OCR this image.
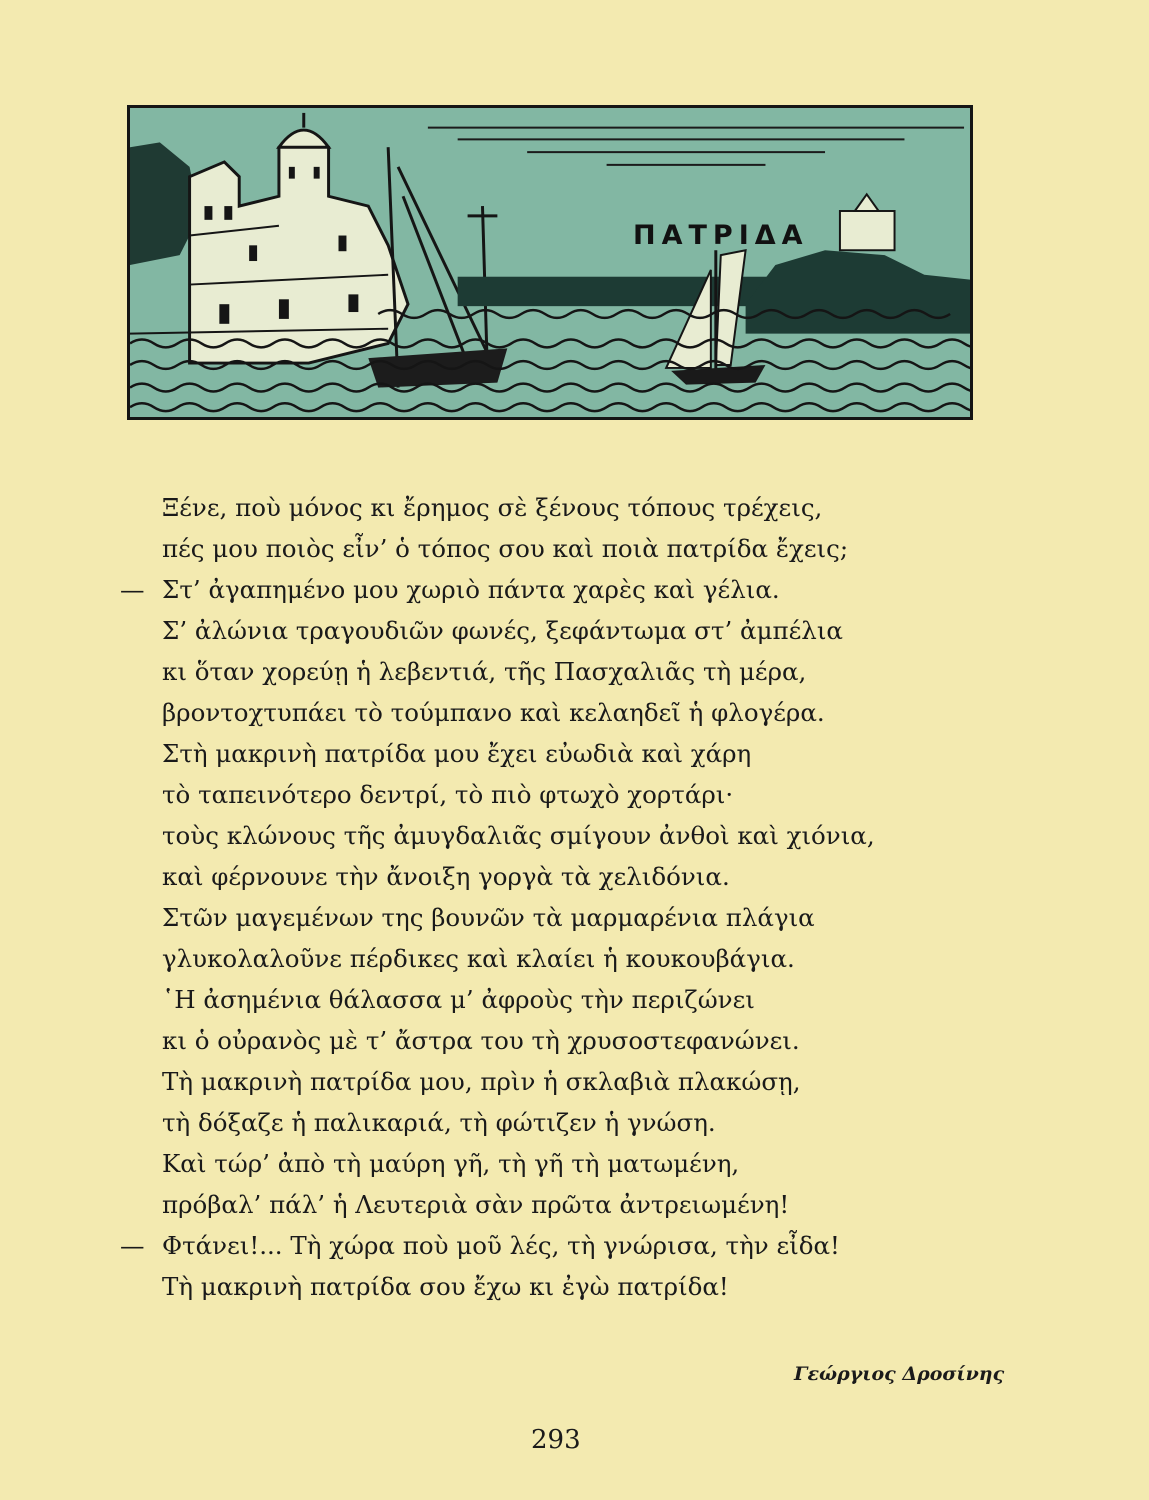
ΠΑΤΡΙΔΑ
Ξένε, ποὺ μόνος κι ἔρημος σὲ ξένους τόπους τρέχεις,
πές μου ποιὸς εἶν’ ὁ τόπος σου καὶ ποιὰ πατρίδα ἔχεις;
— Στ’ ἀγαπημένο μου χωριὸ πάντα χαρὲς καὶ γέλια.
Σ’ ἀλώνια τραγουδιῶν φωνές, ξεφάντωμα στ’ ἀμπέλια
κι ὅταν χορεύῃ ἡ λεβεντιά, τῆς Πασχαλιᾶς τὴ μέρα,
βροντοχτυπάει τὸ τούμπανο καὶ κελαηδεῖ ἡ φλογέρα.
Στὴ μακρινὴ πατρίδα μου ἔχει εὐωδιὰ καὶ χάρη
τὸ ταπεινότερο δεντρί, τὸ πιὸ φτωχὸ χορτάρι·
τοὺς κλώνους τῆς ἀμυγδαλιᾶς σμίγουν ἀνθοὶ καὶ χιόνια,
καὶ φέρνουνε τὴν ἄνοιξη γοργὰ τὰ χελιδόνια.
Στῶν μαγεμένων της βουνῶν τὰ μαρμαρένια πλάγια
γλυκολαλοῦνε πέρδικες καὶ κλαίει ἡ κουκουβάγια.
῾Η ἀσημένια θάλασσα μ’ ἀφροὺς τὴν περιζώνει
κι ὁ οὐρανὸς μὲ τ’ ἄστρα του τὴ χρυσοστεφανώνει.
Τὴ μακρινὴ πατρίδα μου, πρὶν ἡ σκλαβιὰ πλακώσῃ,
τὴ δόξαζε ἡ παλικαριά, τὴ φώτιζεν ἡ γνώση.
Καὶ τώρ’ ἀπὸ τὴ μαύρη γῆ, τὴ γῆ τὴ ματωμένη,
πρόβαλ’ πάλ’ ἡ Λευτεριὰ σὰν πρῶτα ἀντρειωμένη!
— Φτάνει!... Τὴ χώρα ποὺ μοῦ λές, τὴ γνώρισα, τὴν εἶδα!
Τὴ μακρινὴ πατρίδα σου ἔχω κι ἐγὼ πατρίδα!
Γεώργιος Δροσίνης
293
